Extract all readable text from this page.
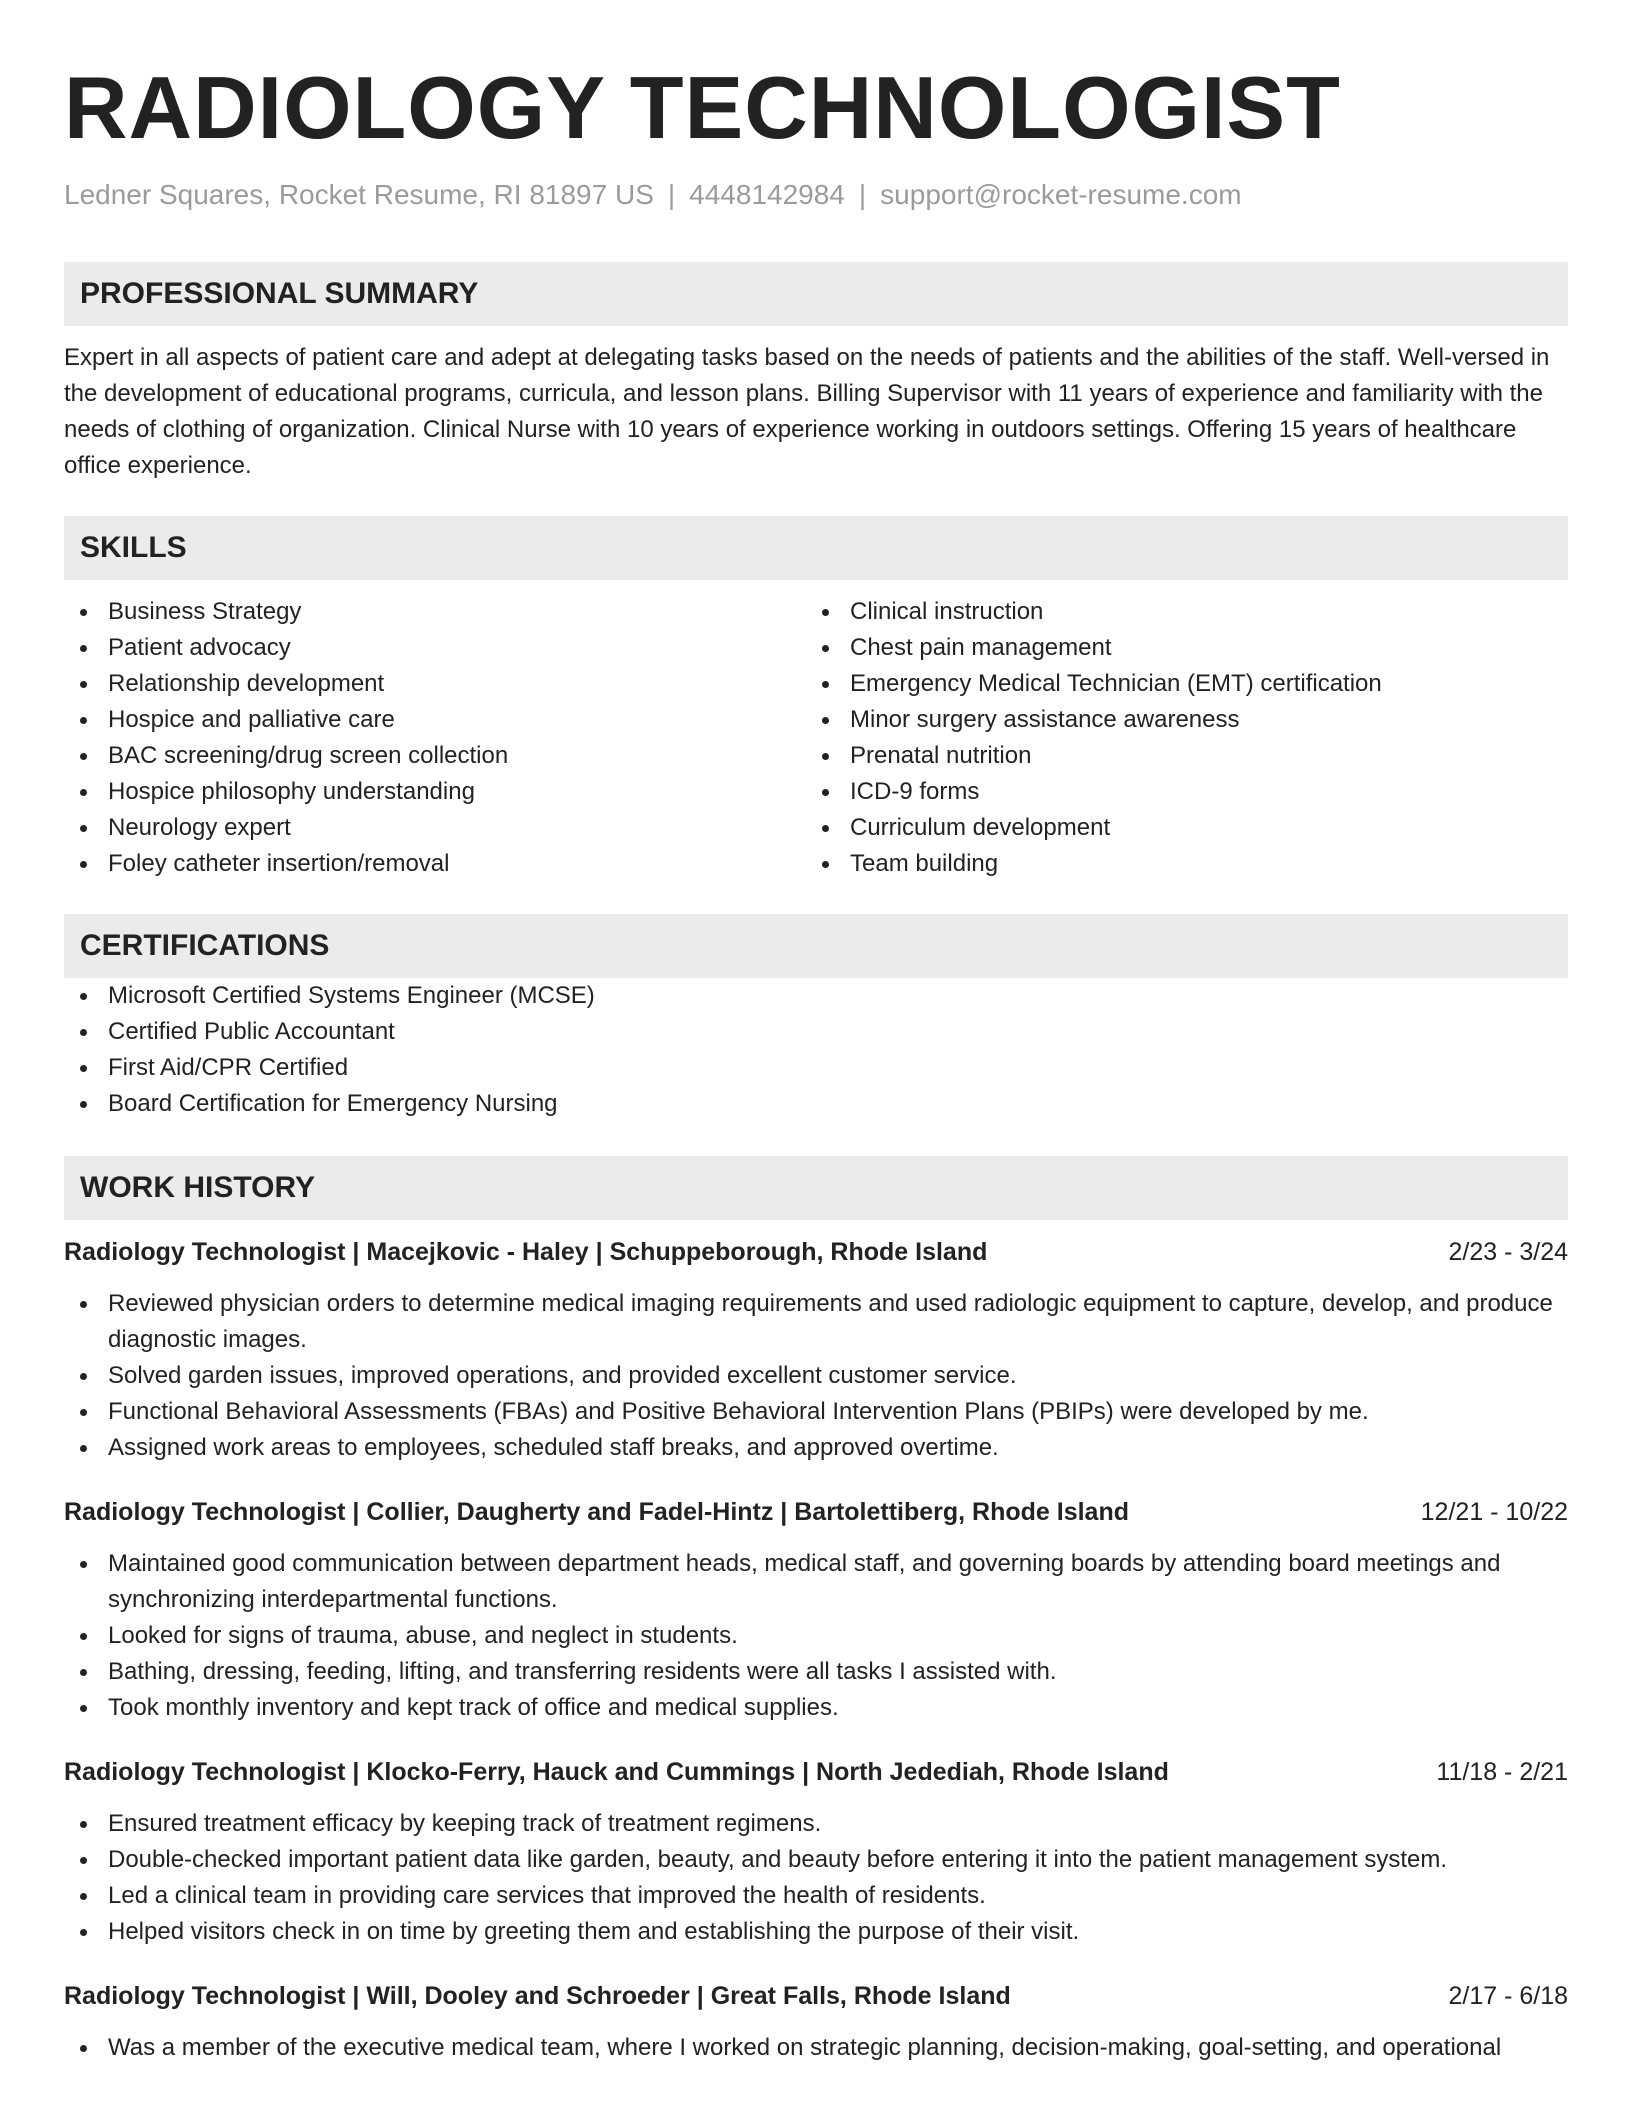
RADIOLOGY TECHNOLOGIST
Ledner Squares, Rocket Resume, RI 81897 US | 4448142984 | support@rocket-resume.com
PROFESSIONAL SUMMARY

Expert in all aspects of patient care and adept at delegating tasks based on the needs of patients and the abilities of the staff. Well-versed in the development of educational programs, curricula, and lesson plans. Billing Supervisor with 11 years of experience and familiarity with the needs of clothing of organization. Clinical Nurse with 10 years of experience working in outdoors settings. Offering 15 years of healthcare office experience.

SKILLS
Business Strategy
Patient advocacy
Relationship development
Hospice and palliative care
BAC screening/drug screen collection
Hospice philosophy understanding
Neurology expert
Foley catheter insertion/removal
Clinical instruction
Chest pain management
Emergency Medical Technician (EMT) certification
Minor surgery assistance awareness
Prenatal nutrition
ICD-9 forms
Curriculum development
Team building
CERTIFICATIONS
Microsoft Certified Systems Engineer (MCSE)
Certified Public Accountant
First Aid/CPR Certified
Board Certification for Emergency Nursing
WORK HISTORY
Radiology Technologist | Macejkovic - Haley | Schuppeborough, Rhode Island	2/23 - 3/24
Reviewed physician orders to determine medical imaging requirements and used radiologic equipment to capture, develop, and produce diagnostic images.
Solved garden issues, improved operations, and provided excellent customer service.
Functional Behavioral Assessments (FBAs) and Positive Behavioral Intervention Plans (PBIPs) were developed by me.
Assigned work areas to employees, scheduled staff breaks, and approved overtime.
Radiology Technologist | Collier, Daugherty and Fadel-Hintz | Bartolettiberg, Rhode Island	12/21 - 10/22
Maintained good communication between department heads, medical staff, and governing boards by attending board meetings and synchronizing interdepartmental functions.
Looked for signs of trauma, abuse, and neglect in students.
Bathing, dressing, feeding, lifting, and transferring residents were all tasks I assisted with.
Took monthly inventory and kept track of office and medical supplies.
Radiology Technologist | Klocko-Ferry, Hauck and Cummings | North Jedediah, Rhode Island	11/18 - 2/21
Ensured treatment efficacy by keeping track of treatment regimens.
Double-checked important patient data like garden, beauty, and beauty before entering it into the patient management system.
Led a clinical team in providing care services that improved the health of residents.
Helped visitors check in on time by greeting them and establishing the purpose of their visit.
Radiology Technologist | Will, Dooley and Schroeder | Great Falls, Rhode Island	2/17 - 6/18
Was a member of the executive medical team, where I worked on strategic planning, decision-making, goal-setting, and operational
